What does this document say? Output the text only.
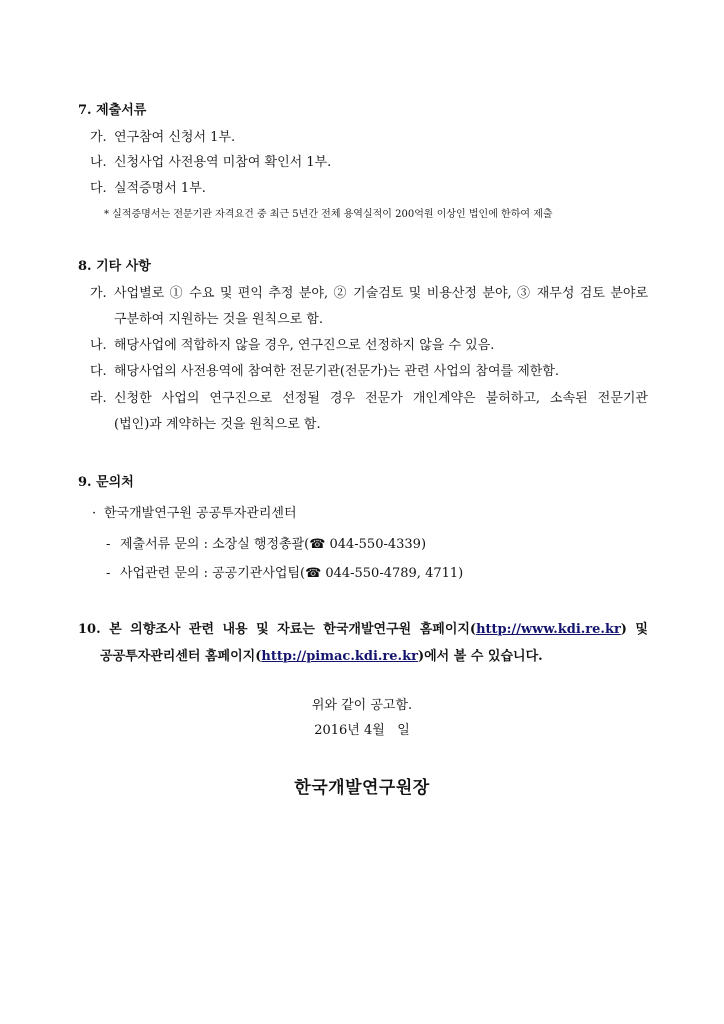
7. 제출서류
가. 연구참여 신청서 1부.
나. 신청사업 사전용역 미참여 확인서 1부.
다. 실적증명서 1부.
* 실적증명서는 전문기관 자격요건 중 최근 5년간 전체 용역실적이 200억원 이상인 법인에 한하여 제출
8. 기타 사항
가. 사업별로 ① 수요 및 편익 추정 분야, ② 기술검토 및 비용산정 분야, ③ 재무성 검토 분야로
구분하여 지원하는 것을 원칙으로 함.
나. 해당사업에 적합하지 않을 경우, 연구진으로 선정하지 않을 수 있음.
다. 해당사업의 사전용역에 참여한 전문기관(전문가)는 관련 사업의 참여를 제한함.
라. 신청한 사업의 연구진으로 선정될 경우 전문가 개인계약은 불허하고, 소속된 전문기관
(법인)과 계약하는 것을 원칙으로 함.
9. 문의처
· 한국개발연구원 공공투자관리센터
- 제출서류 문의 : 소장실 행정총괄(☎ 044-550-4339)
- 사업관련 문의 : 공공기관사업팀(☎ 044-550-4789, 4711)
10. 본 의향조사 관련 내용 및 자료는 한국개발연구원 홈페이지(http://www.kdi.re.kr) 및
공공투자관리센터 홈페이지(http://pimac.kdi.re.kr)에서 볼 수 있습니다.
위와 같이 공고함.
2016년 4월   일
한국개발연구원장
